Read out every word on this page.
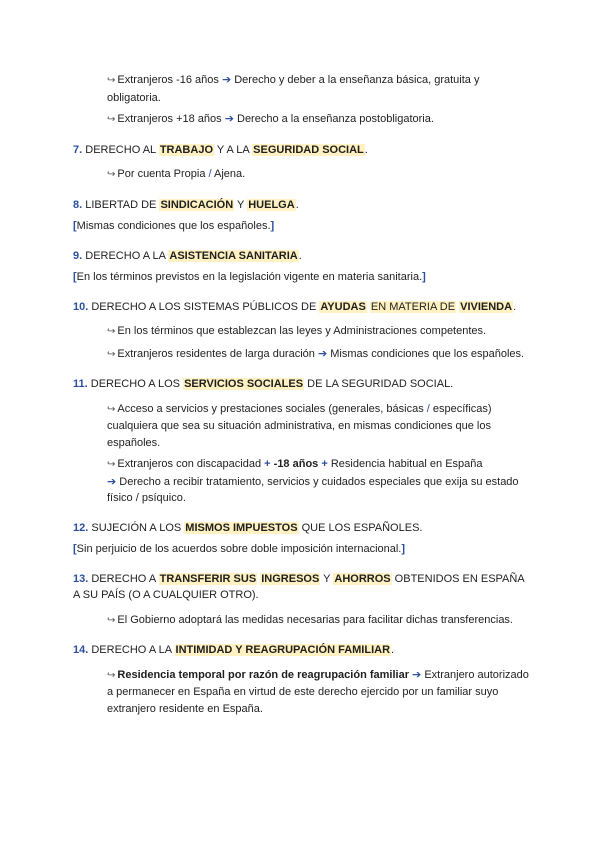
↪ Extranjeros -16 años ➔ Derecho y deber a la enseñanza básica, gratuita y obligatoria.

↪ Extranjeros +18 años ➔ Derecho a la enseñanza postobligatoria.

7. DERECHO AL TRABAJO Y A LA SEGURIDAD SOCIAL.

↪ Por cuenta Propia / Ajena.

8. LIBERTAD DE SINDICACIÓN Y HUELGA.

[Mismas condiciones que los españoles.]

9. DERECHO A LA ASISTENCIA SANITARIA.

[En los términos previstos en la legislación vigente en materia sanitaria.]

10. DERECHO A LOS SISTEMAS PÚBLICOS DE AYUDAS EN MATERIA DE VIVIENDA.

↪ En los términos que establezcan las leyes y Administraciones competentes.

↪ Extranjeros residentes de larga duración ➔ Mismas condiciones que los españoles.

11. DERECHO A LOS SERVICIOS SOCIALES DE LA SEGURIDAD SOCIAL.

↪ Acceso a servicios y prestaciones sociales (generales, básicas / específicas) cualquiera que sea su situación administrativa, en mismas condiciones que los españoles.

↪ Extranjeros con discapacidad + -18 años + Residencia habitual en España
➔ Derecho a recibir tratamiento, servicios y cuidados especiales que exija su estado físico / psíquico.

12. SUJECIÓN A LOS MISMOS IMPUESTOS QUE LOS ESPAÑOLES.

[Sin perjuicio de los acuerdos sobre doble imposición internacional.]

13. DERECHO A TRANSFERIR SUS INGRESOS Y AHORROS OBTENIDOS EN ESPAÑA A SU PAÍS (O A CUALQUIER OTRO).

↪ El Gobierno adoptará las medidas necesarias para facilitar dichas transferencias.

14. DERECHO A LA INTIMIDAD Y REAGRUPACIÓN FAMILIAR.

↪ Residencia temporal por razón de reagrupación familiar ➔ Extranjero autorizado a permanecer en España en virtud de este derecho ejercido por un familiar suyo extranjero residente en España.
